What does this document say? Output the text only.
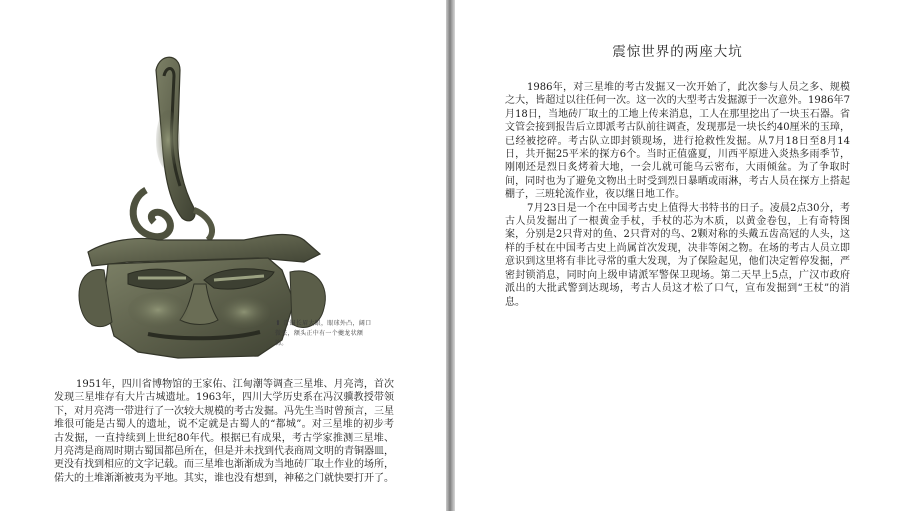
⬆ 青铜长眉大眼，眼球外凸，阔口微张，额头正中有一个夔龙状额饰。

1951年，四川省博物馆的王家佑、江甸潮等调查三星堆、月亮湾，首次发现三星堆存有大片古城遗址。1963年，四川大学历史系在冯汉骥教授带领下，对月亮湾一带进行了一次较大规模的考古发掘。冯先生当时曾预言，三星堆很可能是古蜀人的遗址，说不定就是古蜀人的“都城”。对三星堆的初步考古发掘，一直持续到上世纪80年代。根据已有成果，考古学家推测三星堆、月亮湾是商周时期古蜀国都邑所在，但是并未找到代表商周文明的青铜器皿，更没有找到相应的文字记载。而三星堆也渐渐成为当地砖厂取土作业的场所，偌大的土堆渐渐被夷为平地。其实，谁也没有想到，神秘之门就快要打开了。

震惊世界的两座大坑
1986年，对三星堆的考古发掘又一次开始了，此次参与人员之多、规模之大，皆超过以往任何一次。这一次的大型考古发掘源于一次意外。1986年7月18日，当地砖厂取土的工地上传来消息，工人在那里挖出了一块玉石器。省文管会接到报告后立即派考古队前往调查，发现那是一块长约40厘米的玉璋，已经被挖碎。考古队立即封锁现场，进行抢救性发掘。从7月18日至8月14日，共开掘25平米的探方6个。当时正值盛夏，川西平原进入炎热多雨季节，刚刚还是烈日炙烤着大地，一会儿就可能乌云密布，大雨倾盆。为了争取时间，同时也为了避免文物出土时受到烈日暴晒或雨淋，考古人员在探方上搭起棚子，三班轮流作业，夜以继日地工作。
7月23日是一个在中国考古史上值得大书特书的日子。凌晨2点30分，考古人员发掘出了一根黄金手杖，手杖的芯为木质，以黄金卷包，上有奇特图案，分别是2只背对的鱼、2只背对的鸟、2颗对称的头戴五齿高冠的人头，这样的手杖在中国考古史上尚属首次发现，决非等闲之物。在场的考古人员立即意识到这里将有非比寻常的重大发现，为了保险起见，他们决定暂停发掘，严密封锁消息，同时向上级申请派军警保卫现场。第二天早上5点，广汉市政府派出的大批武警到达现场，考古人员这才松了口气，宣布发掘到“王杖”的消息。
